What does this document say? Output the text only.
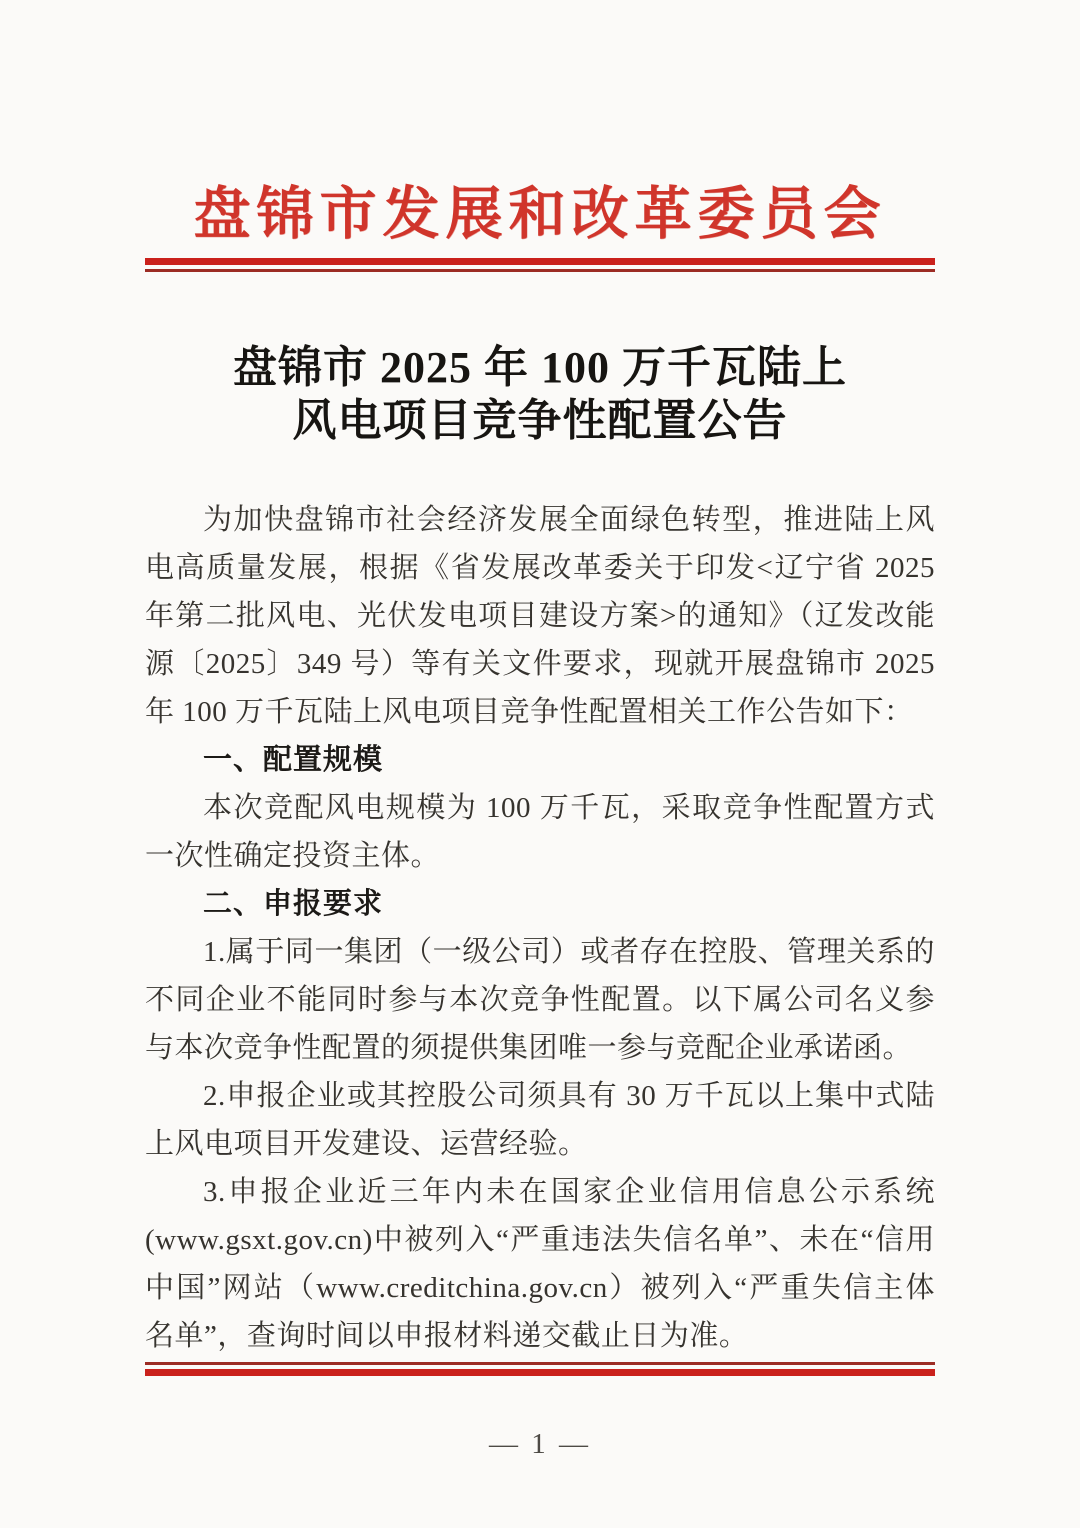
盘锦市发展和改革委员会
盘锦市 2025 年 100 万千瓦陆上
风电项目竞争性配置公告

为加快盘锦市社会经济发展全面绿色转型，推进陆上风电高质量发展，根据《省发展改革委关于印发<辽宁省 2025 年第二批风电、光伏发电项目建设方案>的通知》（辽发改能源〔2025〕349 号）等有关文件要求，现就开展盘锦市 2025 年 100 万千瓦陆上风电项目竞争性配置相关工作公告如下：

一、配置规模

本次竞配风电规模为 100 万千瓦，采取竞争性配置方式一次性确定投资主体。

二、申报要求

1.属于同一集团（一级公司）或者存在控股、管理关系的不同企业不能同时参与本次竞争性配置。以下属公司名义参与本次竞争性配置的须提供集团唯一参与竞配企业承诺函。

2.申报企业或其控股公司须具有 30 万千瓦以上集中式陆上风电项目开发建设、运营经验。

3.申报企业近三年内未在国家企业信用信息公示系统(www.gsxt.gov.cn)中被列入“严重违法失信名单”、未在“信用中国”网站（www.creditchina.gov.cn）被列入“严重失信主体名单”，查询时间以申报材料递交截止日为准。

— 1 —
